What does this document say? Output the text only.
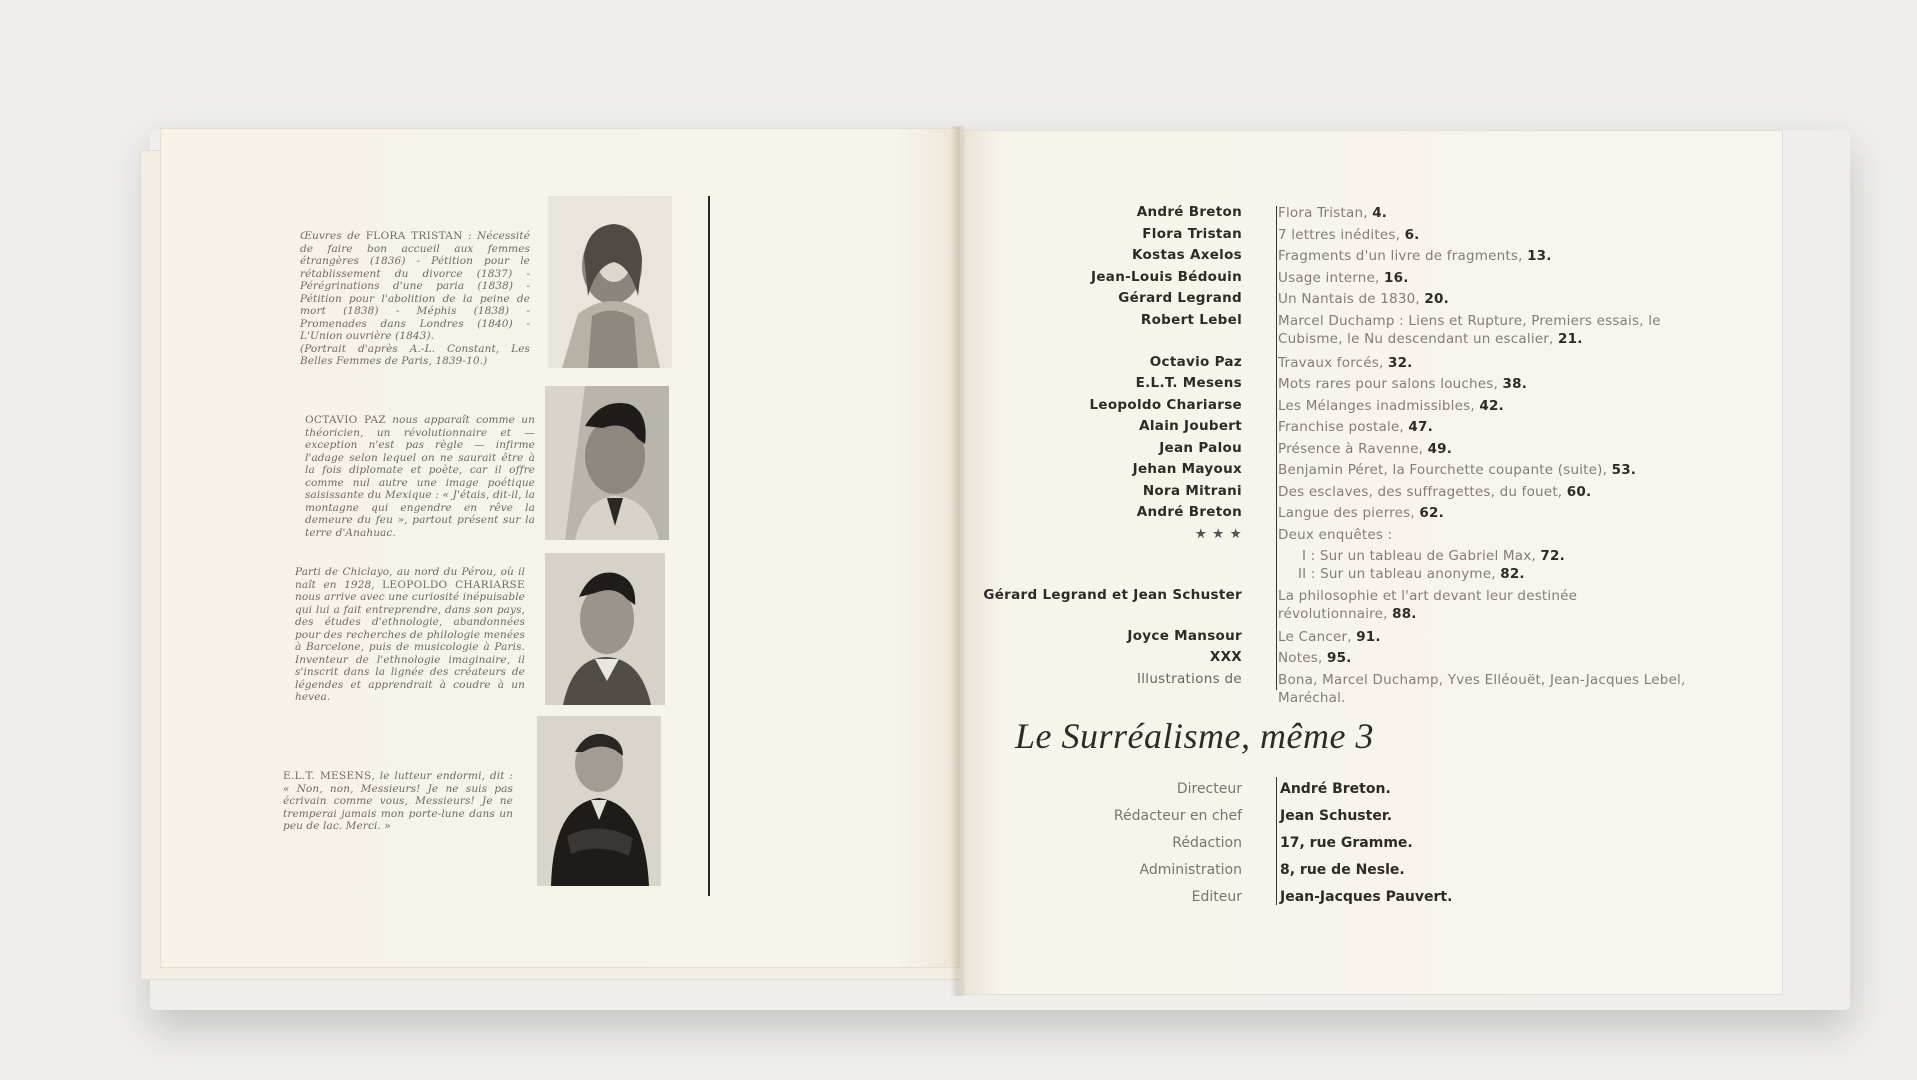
Œuvres de FLORA TRISTAN : Nécessité de faire bon accueil aux femmes étrangères (1836) - Pétition pour le rétablissement du divorce (1837) - Pérégrinations d'une paria (1838) - Pétition pour l'abolition de la peine de mort (1838) - Méphis (1838) - Promenades dans Londres (1840) - L'Union ouvrière (1843).
(Portrait d'après A.-L. Constant, Les Belles Femmes de Paris, 1839-10.)
OCTAVIO PAZ nous apparaît comme un théoricien, un révolutionnaire et — exception n'est pas règle — infirme l'adage selon lequel on ne saurait être à la fois diplomate et poète, car il offre comme nul autre une image poétique saisissante du Mexique : « J'étais, dit-il, la montagne qui engendre en rêve la demeure du feu », partout présent sur la terre d'Anahuac.
Parti de Chiclayo, au nord du Pérou, où il naît en 1928, LEOPOLDO CHARIARSE nous arrive avec une curiosité inépuisable qui lui a fait entreprendre, dans son pays, des études d'ethnologie, abandonnées pour des recherches de philologie menées à Barcelone, puis de musicologie à Paris. Inventeur de l'ethnologie imaginaire, il s'inscrit dans la lignée des créateurs de légendes et apprendrait à coudre à un hevea.
E.L.T. MESENS, le lutteur endormi, dit : « Non, non, Messieurs! Je ne suis pas écrivain comme vous, Messieurs! Je ne tremperai jamais mon porte-lune dans un peu de lac. Merci. »
André Breton	Flora Tristan, 4.
Flora Tristan	7 lettres inédites, 6.
Kostas Axelos	Fragments d'un livre de fragments, 13.
Jean-Louis Bédouin	Usage interne, 16.
Gérard Legrand	Un Nantais de 1830, 20.
Robert Lebel	Marcel Duchamp : Liens et Rupture, Premiers essais, le Cubisme, le Nu descendant un escalier, 21.
Octavio Paz	Travaux forcés, 32.
E.L.T. Mesens	Mots rares pour salons louches, 38.
Leopoldo Chariarse	Les Mélanges inadmissibles, 42.
Alain Joubert	Franchise postale, 47.
Jean Palou	Présence à Ravenne, 49.
Jehan Mayoux	Benjamin Péret, la Fourchette coupante (suite), 53.
Nora Mitrani	Des esclaves, des suffragettes, du fouet, 60.
André Breton	Langue des pierres, 62.
★ ★ ★	Deux enquêtes :
I : Sur un tableau de Gabriel Max, 72.
II : Sur un tableau anonyme, 82.
Gérard Legrand et Jean Schuster	La philosophie et l'art devant leur destinée révolutionnaire, 88.
Joyce Mansour	Le Cancer, 91.
XXX	Notes, 95.
Illustrations de	Bona, Marcel Duchamp, Yves Elléouët, Jean-Jacques Lebel, Maréchal.
Le Surréalisme, même 3
Directeur	André Breton.
Rédacteur en chef	Jean Schuster.
Rédaction	17, rue Gramme.
Administration	8, rue de Nesle.
Editeur	Jean-Jacques Pauvert.
